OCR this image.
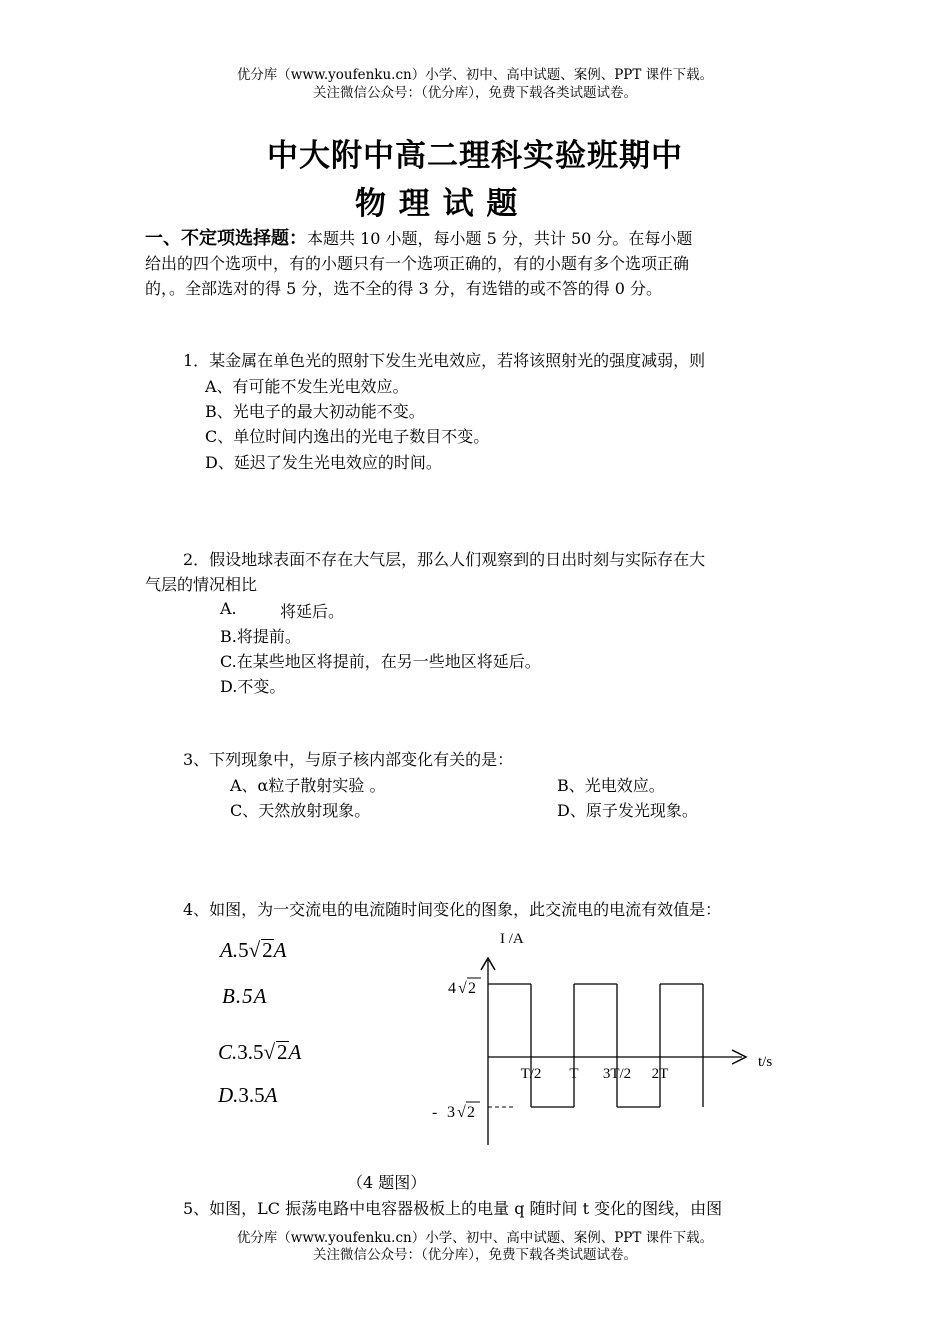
优分库（www.youfenku.cn）小学、初中、高中试题、案例、PPT 课件下载。
关注微信公众号：（优分库），免费下载各类试题试卷。
中大附中高二理科实验班期中
物 理 试 题
一、不定项选择题：本题共 10 小题，每小题 5 分，共计 50 分。在每小题
给出的四个选项中，有的小题只有一个选项正确的，有的小题有多个选项正确
的，。全部选对的得 5 分，选不全的得 3 分，有选错的或不答的得 0 分。
1．某金属在单色光的照射下发生光电效应，若将该照射光的强度减弱，则
A、有可能不发生光电效应。
B、光电子的最大初动能不变。
C、单位时间内逸出的光电子数目不变。
D、延迟了发生光电效应的时间。
2．假设地球表面不存在大气层，那么人们观察到的日出时刻与实际存在大
气层的情况相比
A.	将延后。
B.将提前。
C.在某些地区将提前，在另一些地区将延后。
D.不变。
3、下列现象中，与原子核内部变化有关的是：
A、α粒子散射实验 。	B、光电效应。
C、天然放射现象。	D、原子发光现象。
4、如图，为一交流电的电流随时间变化的图象，此交流电的电流有效值是：
A.5√2A
B.5A
C.3.5√2A
D.3.5A
I /A
t/s
4 √ 2
- 3 √ 2
T/2 T 3T/2 2T
（4 题图）
5、如图，LC 振荡电路中电容器极板上的电量 q 随时间 t 变化的图线，由图
优分库（www.youfenku.cn）小学、初中、高中试题、案例、PPT 课件下载。
关注微信公众号：（优分库），免费下载各类试题试卷。
